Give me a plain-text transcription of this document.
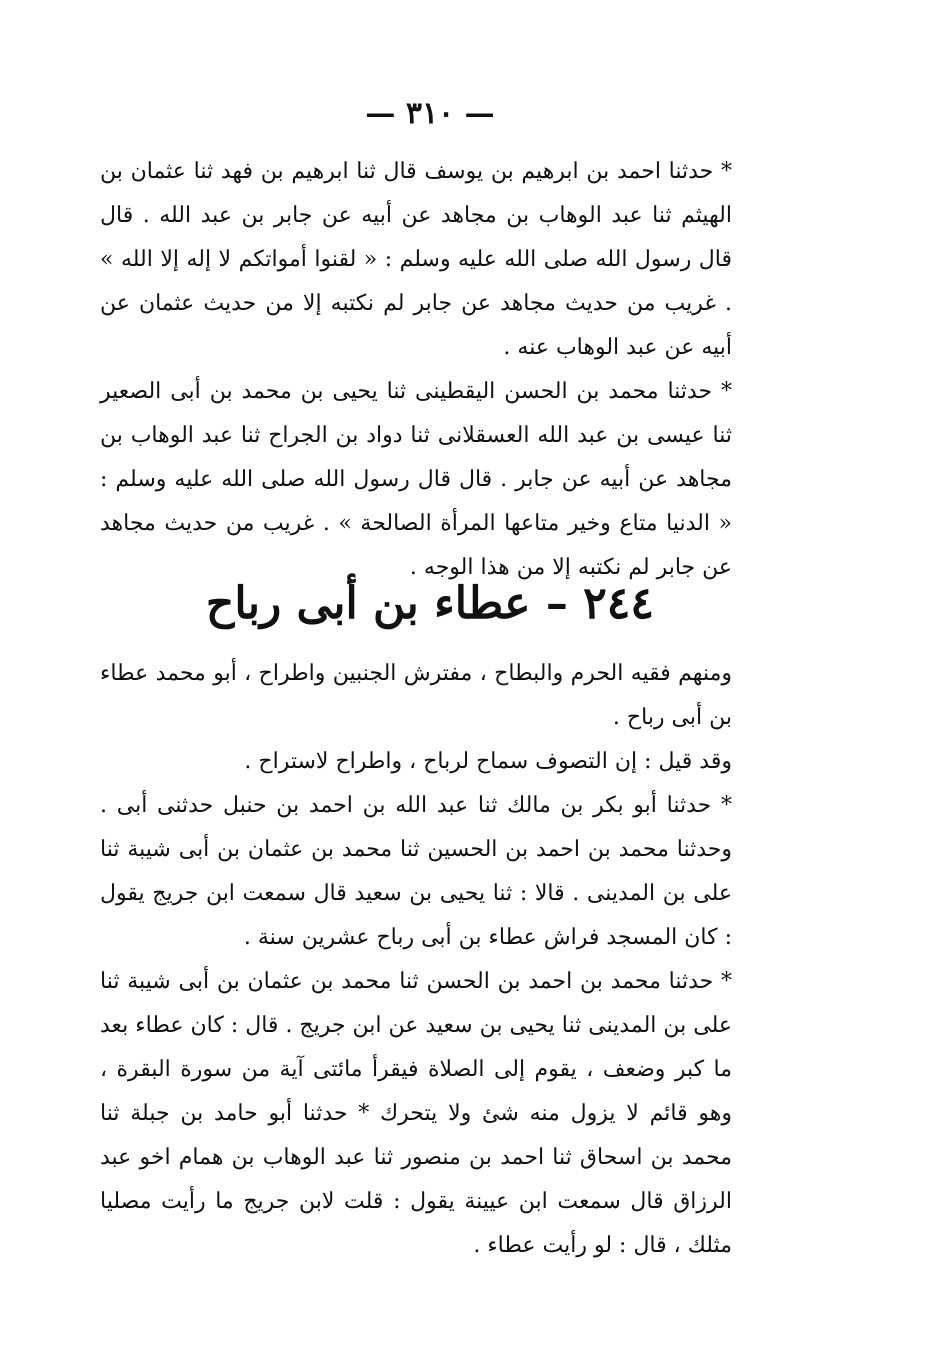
— ٣١٠ —

* حدثنا احمد بن ابرهيم بن يوسف قال ثنا ابرهيم بن فهد ثنا عثمان بن الهيثم ثنا عبد الوهاب بن مجاهد عن أبيه عن جابر بن عبد الله . قال قال رسول الله صلى الله عليه وسلم : « لقنوا أمواتكم لا إله إلا الله » . غريب من حديث مجاهد عن جابر لم نكتبه إلا من حديث عثمان عن أبيه عن عبد الوهاب عنه .

* حدثنا محمد بن الحسن اليقطينى ثنا يحيى بن محمد بن أبى الصعير ثنا عيسى بن عبد الله العسقلانى ثنا دواد بن الجراح ثنا عبد الوهاب بن مجاهد عن أبيه عن جابر . قال قال رسول الله صلى الله عليه وسلم : « الدنيا متاع وخير متاعها المرأة الصالحة » . غريب من حديث مجاهد عن جابر لم نكتبه إلا من هذا الوجه .

٢٤٤ – عطاء بن أبى رباح

ومنهم فقيه الحرم والبطاح ، مفترش الجنبين واطراح ، أبو محمد عطاء بن أبى رباح .

وقد قيل : إن التصوف سماح لرباح ، واطراح لاستراح .

* حدثنا أبو بكر بن مالك ثنا عبد الله بن احمد بن حنبل حدثنى أبى . وحدثنا محمد بن احمد بن الحسين ثنا محمد بن عثمان بن أبى شيبة ثنا على بن المدينى . قالا : ثنا يحيى بن سعيد قال سمعت ابن جريج يقول : كان المسجد فراش عطاء بن أبى رباح عشرين سنة .

* حدثنا محمد بن احمد بن الحسن ثنا محمد بن عثمان بن أبى شيبة ثنا على بن المدينى ثنا يحيى بن سعيد عن ابن جريج . قال : كان عطاء بعد ما كبر وضعف ، يقوم إلى الصلاة فيقرأ مائتى آية من سورة البقرة ، وهو قائم لا يزول منه شئ ولا يتحرك * حدثنا أبو حامد بن جبلة ثنا محمد بن اسحاق ثنا احمد بن منصور ثنا عبد الوهاب بن همام اخو عبد الرزاق قال سمعت ابن عيينة يقول : قلت لابن جريج ما رأيت مصليا مثلك ، قال : لو رأيت عطاء .
